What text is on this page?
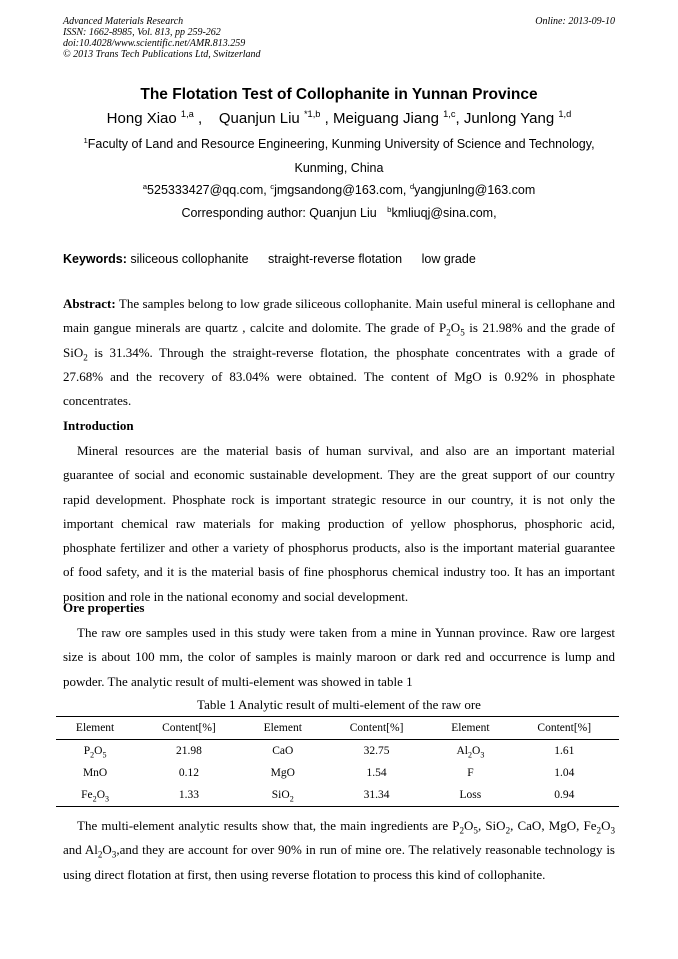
Advanced Materials Research
ISSN: 1662-8985, Vol. 813, pp 259-262
doi:10.4028/www.scientific.net/AMR.813.259
© 2013 Trans Tech Publications Ltd, Switzerland
Online: 2013-09-10
The Flotation Test of Collophanite in Yunnan Province
Hong Xiao $^{1,a}$ ,    Quanjun Liu $^{*1,b}$ , Meiguang Jiang $^{1,c}$, Junlong Yang $^{1,d}$
$^1$Faculty of Land and Resource Engineering, Kunming University of Science and Technology,
Kunming, China
$^a$525333427@qq.com, $^c$jmgsandong@163.com, $^d$yangjunlng@163.com
Corresponding author: Quanjun Liu $^b$kmliuqj@sina.com,
Keywords: siliceous collophanite straight-reverse flotation low grade
Abstract: The samples belong to low grade siliceous collophanite. Main useful mineral is cellophane and main gangue minerals are quartz , calcite and dolomite. The grade of $P_2O_5$ is 21.98% and the grade of SiO$_2$ is 31.34%. Through the straight-reverse flotation, the phosphate concentrates with a grade of 27.68% and the recovery of 83.04% were obtained. The content of MgO is 0.92% in phosphate concentrates.
Introduction
Mineral resources are the material basis of human survival, and also are an important material guarantee of social and economic sustainable development. They are the great support of our country rapid development. Phosphate rock is important strategic resource in our country, it is not only the important chemical raw materials for making production of yellow phosphorus, phosphoric acid, phosphate fertilizer and other a variety of phosphorus products, also is the important material guarantee of food safety, and it is the material basis of fine phosphorus chemical industry too. It has an important position and role in the national economy and social development.
Ore properties
The raw ore samples used in this study were taken from a mine in Yunnan province. Raw ore largest size is about 100 mm, the color of samples is mainly maroon or dark red and occurrence is lump and powder. The analytic result of multi-element was showed in table 1
Table 1 Analytic result of multi-element of the raw ore
Element	Content[%]	Element	Content[%]	Element	Content[%]
$P_2O_5$	21.98	CaO	32.75	$Al_2O_3$	1.61
MnO	0.12	MgO	1.54	F	1.04
$Fe_2O_3$	1.33	SiO$_2$	31.34	Loss	0.94
The multi-element analytic results show that, the main ingredients are $P_2O_5$, SiO$_2$, CaO, MgO, $Fe_2O_3$ and $Al_2O_3,and$ they are account for over 90% in run of mine ore. The relatively reasonable technology is using direct flotation at first, then using reverse flotation to process this kind of collophanite.
